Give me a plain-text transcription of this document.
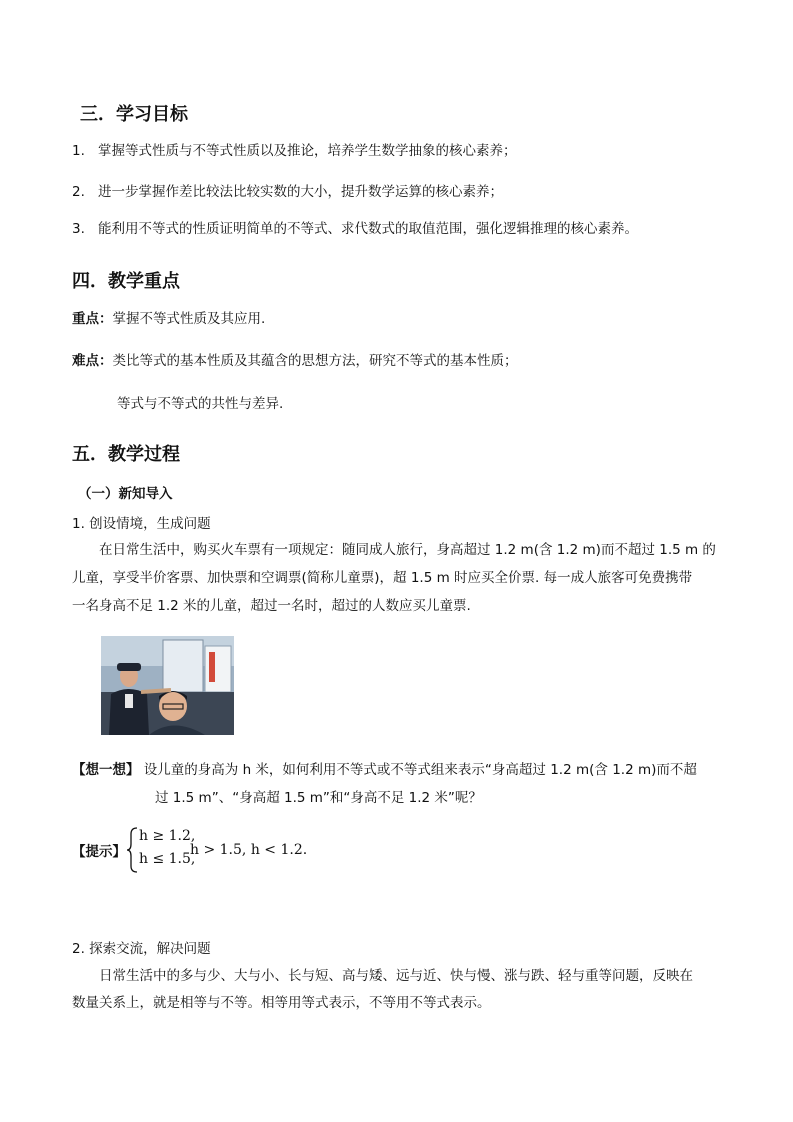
三．学习目标
1. 掌握等式性质与不等式性质以及推论，培养学生数学抽象的核心素养；
2. 进一步掌握作差比较法比较实数的大小，提升数学运算的核心素养；
3. 能利用不等式的性质证明简单的不等式、求代数式的取值范围，强化逻辑推理的核心素养。
四．教学重点
重点：掌握不等式性质及其应用.
难点：类比等式的基本性质及其蕴含的思想方法，研究不等式的基本性质；
等式与不等式的共性与差异.
五．教学过程
（一）新知导入
1. 创设情境，生成问题
在日常生活中，购买火车票有一项规定：随同成人旅行，身高超过 1.2 m(含 1.2 m)而不超过 1.5 m 的
儿童，享受半价客票、加快票和空调票(简称儿童票)，超 1.5 m 时应买全价票. 每一成人旅客可免费携带
一名身高不足 1.2 米的儿童，超过一名时，超过的人数应买儿童票.
【想一想】 设儿童的身高为 h 米，如何利用不等式或不等式组来表示“身高超过 1.2 m(含 1.2 m)而不超
过 1.5 m”、“身高超 1.5 m”和“身高不足 1.2 米”呢？
【提示】
h ≥ 1.2,
h ≤ 1.5,
h > 1.5, h < 1.2.
2. 探索交流，解决问题
日常生活中的多与少、大与小、长与短、高与矮、远与近、快与慢、涨与跌、轻与重等问题，反映在
数量关系上，就是相等与不等。相等用等式表示，不等用不等式表示。
